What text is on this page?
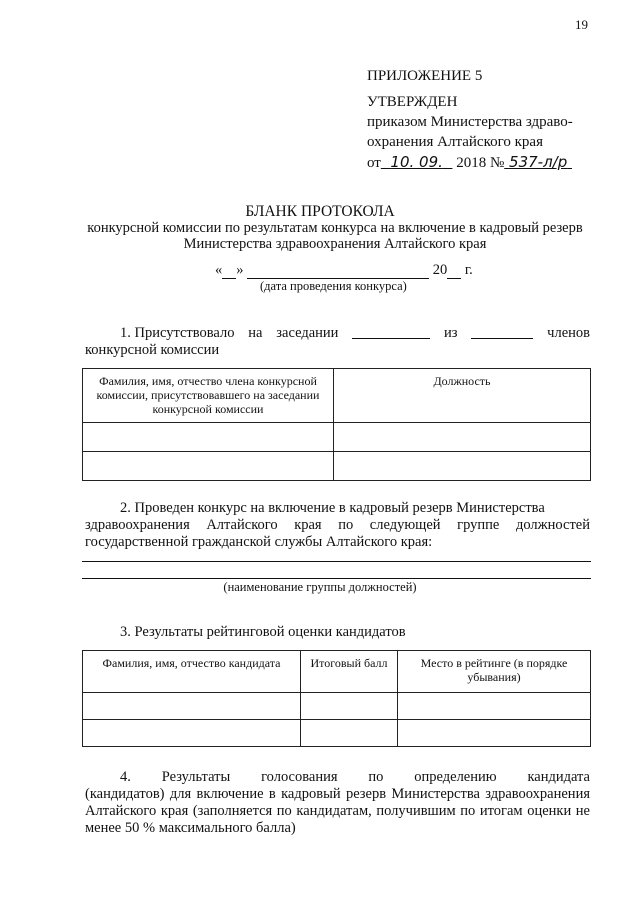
19
ПРИЛОЖЕНИЕ 5
УТВЕРЖДЕН
приказом Министерства здраво-
охранения Алтайского края
от 10. 09. 2018 № 537-л/р
БЛАНК ПРОТОКОЛА
конкурсной комиссии по результатам конкурса на включение в кадровый резерв Министерства здравоохранения Алтайского края
« »	20 г.
(дата проведения конкурса)
1. Присутствовало на заседании	из	членов
конкурсной комиссии
Фамилия, имя, отчество члена конкурсной комиссии, присутствовавшего на заседании конкурсной комиссии	Должность

2. Проведен конкурс на включение в кадровый резерв Министерства
здравоохранения Алтайского края по следующей группе должностей государственной гражданской службы Алтайского края:
(наименование группы должностей)
3. Результаты рейтинговой оценки кандидатов
Фамилия, имя, отчество кандидата	Итоговый балл	Место в рейтинге (в порядке убывания)

4. Результаты голосования по определению кандидата
(кандидатов) для включение в кадровый резерв Министерства здравоохранения Алтайского края (заполняется по кандидатам, получившим по итогам оценки не менее 50 % максимального балла)
